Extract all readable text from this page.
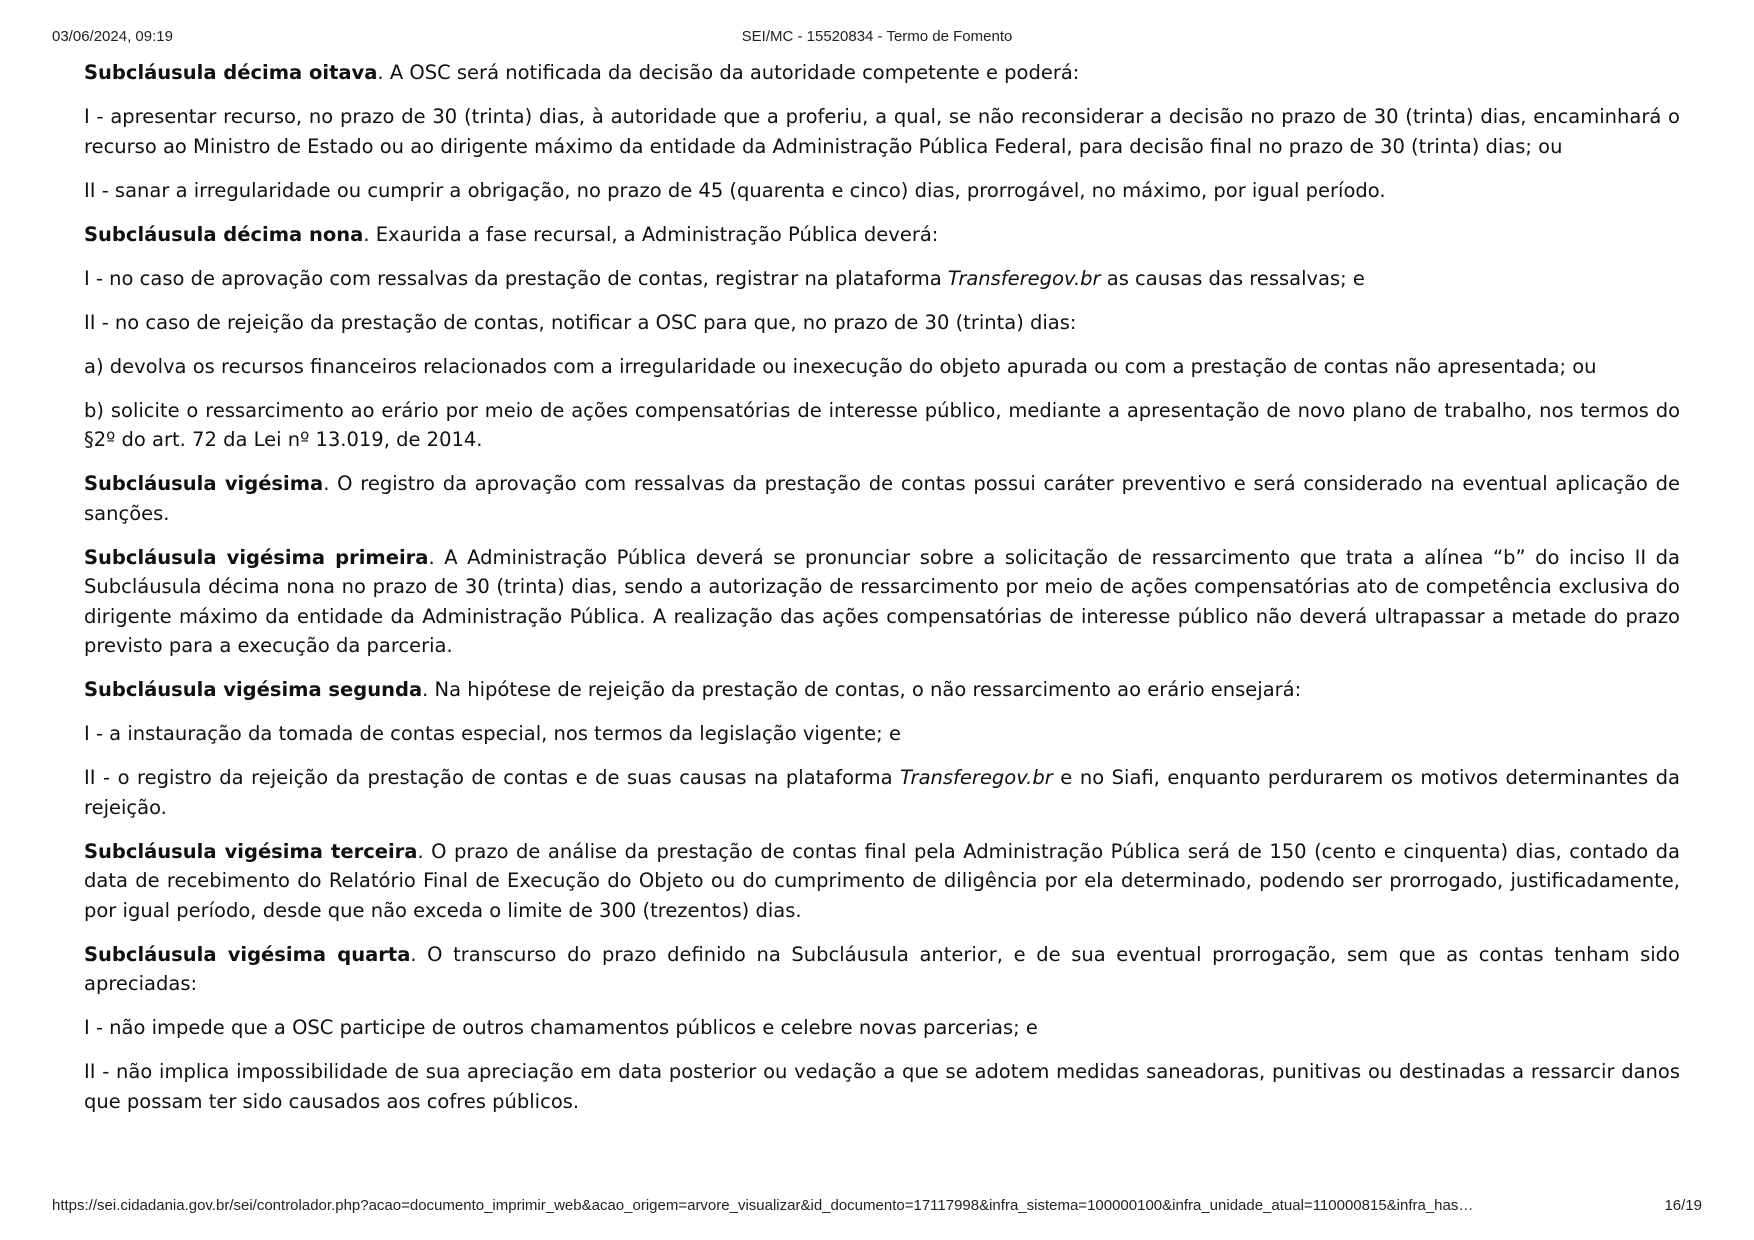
03/06/2024, 09:19	SEI/MC - 15520834 - Termo de Fomento

Subcláusula décima oitava. A OSC será notificada da decisão da autoridade competente e poderá:

I - apresentar recurso, no prazo de 30 (trinta) dias, à autoridade que a proferiu, a qual, se não reconsiderar a decisão no prazo de 30 (trinta) dias, encaminhará o recurso ao Ministro de Estado ou ao dirigente máximo da entidade da Administração Pública Federal, para decisão final no prazo de 30 (trinta) dias; ou

II - sanar a irregularidade ou cumprir a obrigação, no prazo de 45 (quarenta e cinco) dias, prorrogável, no máximo, por igual período.

Subcláusula décima nona. Exaurida a fase recursal, a Administração Pública deverá:

I - no caso de aprovação com ressalvas da prestação de contas, registrar na plataforma Transferegov.br as causas das ressalvas; e

II - no caso de rejeição da prestação de contas, notificar a OSC para que, no prazo de 30 (trinta) dias:

a) devolva os recursos financeiros relacionados com a irregularidade ou inexecução do objeto apurada ou com a prestação de contas não apresentada; ou

b) solicite o ressarcimento ao erário por meio de ações compensatórias de interesse público, mediante a apresentação de novo plano de trabalho, nos termos do §2º do art. 72 da Lei nº 13.019, de 2014.

Subcláusula vigésima. O registro da aprovação com ressalvas da prestação de contas possui caráter preventivo e será considerado na eventual aplicação de sanções.

Subcláusula vigésima primeira. A Administração Pública deverá se pronunciar sobre a solicitação de ressarcimento que trata a alínea “b” do inciso II da Subcláusula décima nona no prazo de 30 (trinta) dias, sendo a autorização de ressarcimento por meio de ações compensatórias ato de competência exclusiva do dirigente máximo da entidade da Administração Pública. A realização das ações compensatórias de interesse público não deverá ultrapassar a metade do prazo previsto para a execução da parceria.

Subcláusula vigésima segunda. Na hipótese de rejeição da prestação de contas, o não ressarcimento ao erário ensejará:

I - a instauração da tomada de contas especial, nos termos da legislação vigente; e

II - o registro da rejeição da prestação de contas e de suas causas na plataforma Transferegov.br e no Siafi, enquanto perdurarem os motivos determinantes da rejeição.

Subcláusula vigésima terceira. O prazo de análise da prestação de contas final pela Administração Pública será de 150 (cento e cinquenta) dias, contado da data de recebimento do Relatório Final de Execução do Objeto ou do cumprimento de diligência por ela determinado, podendo ser prorrogado, justificadamente, por igual período, desde que não exceda o limite de 300 (trezentos) dias.

Subcláusula vigésima quarta. O transcurso do prazo definido na Subcláusula anterior, e de sua eventual prorrogação, sem que as contas tenham sido apreciadas:

I - não impede que a OSC participe de outros chamamentos públicos e celebre novas parcerias; e

II - não implica impossibilidade de sua apreciação em data posterior ou vedação a que se adotem medidas saneadoras, punitivas ou destinadas a ressarcir danos que possam ter sido causados aos cofres públicos.

https://sei.cidadania.gov.br/sei/controlador.php?acao=documento_imprimir_web&acao_origem=arvore_visualizar&id_documento=17117998&infra_sistema=100000100&infra_unidade_atual=110000815&infra_has…	16/19
